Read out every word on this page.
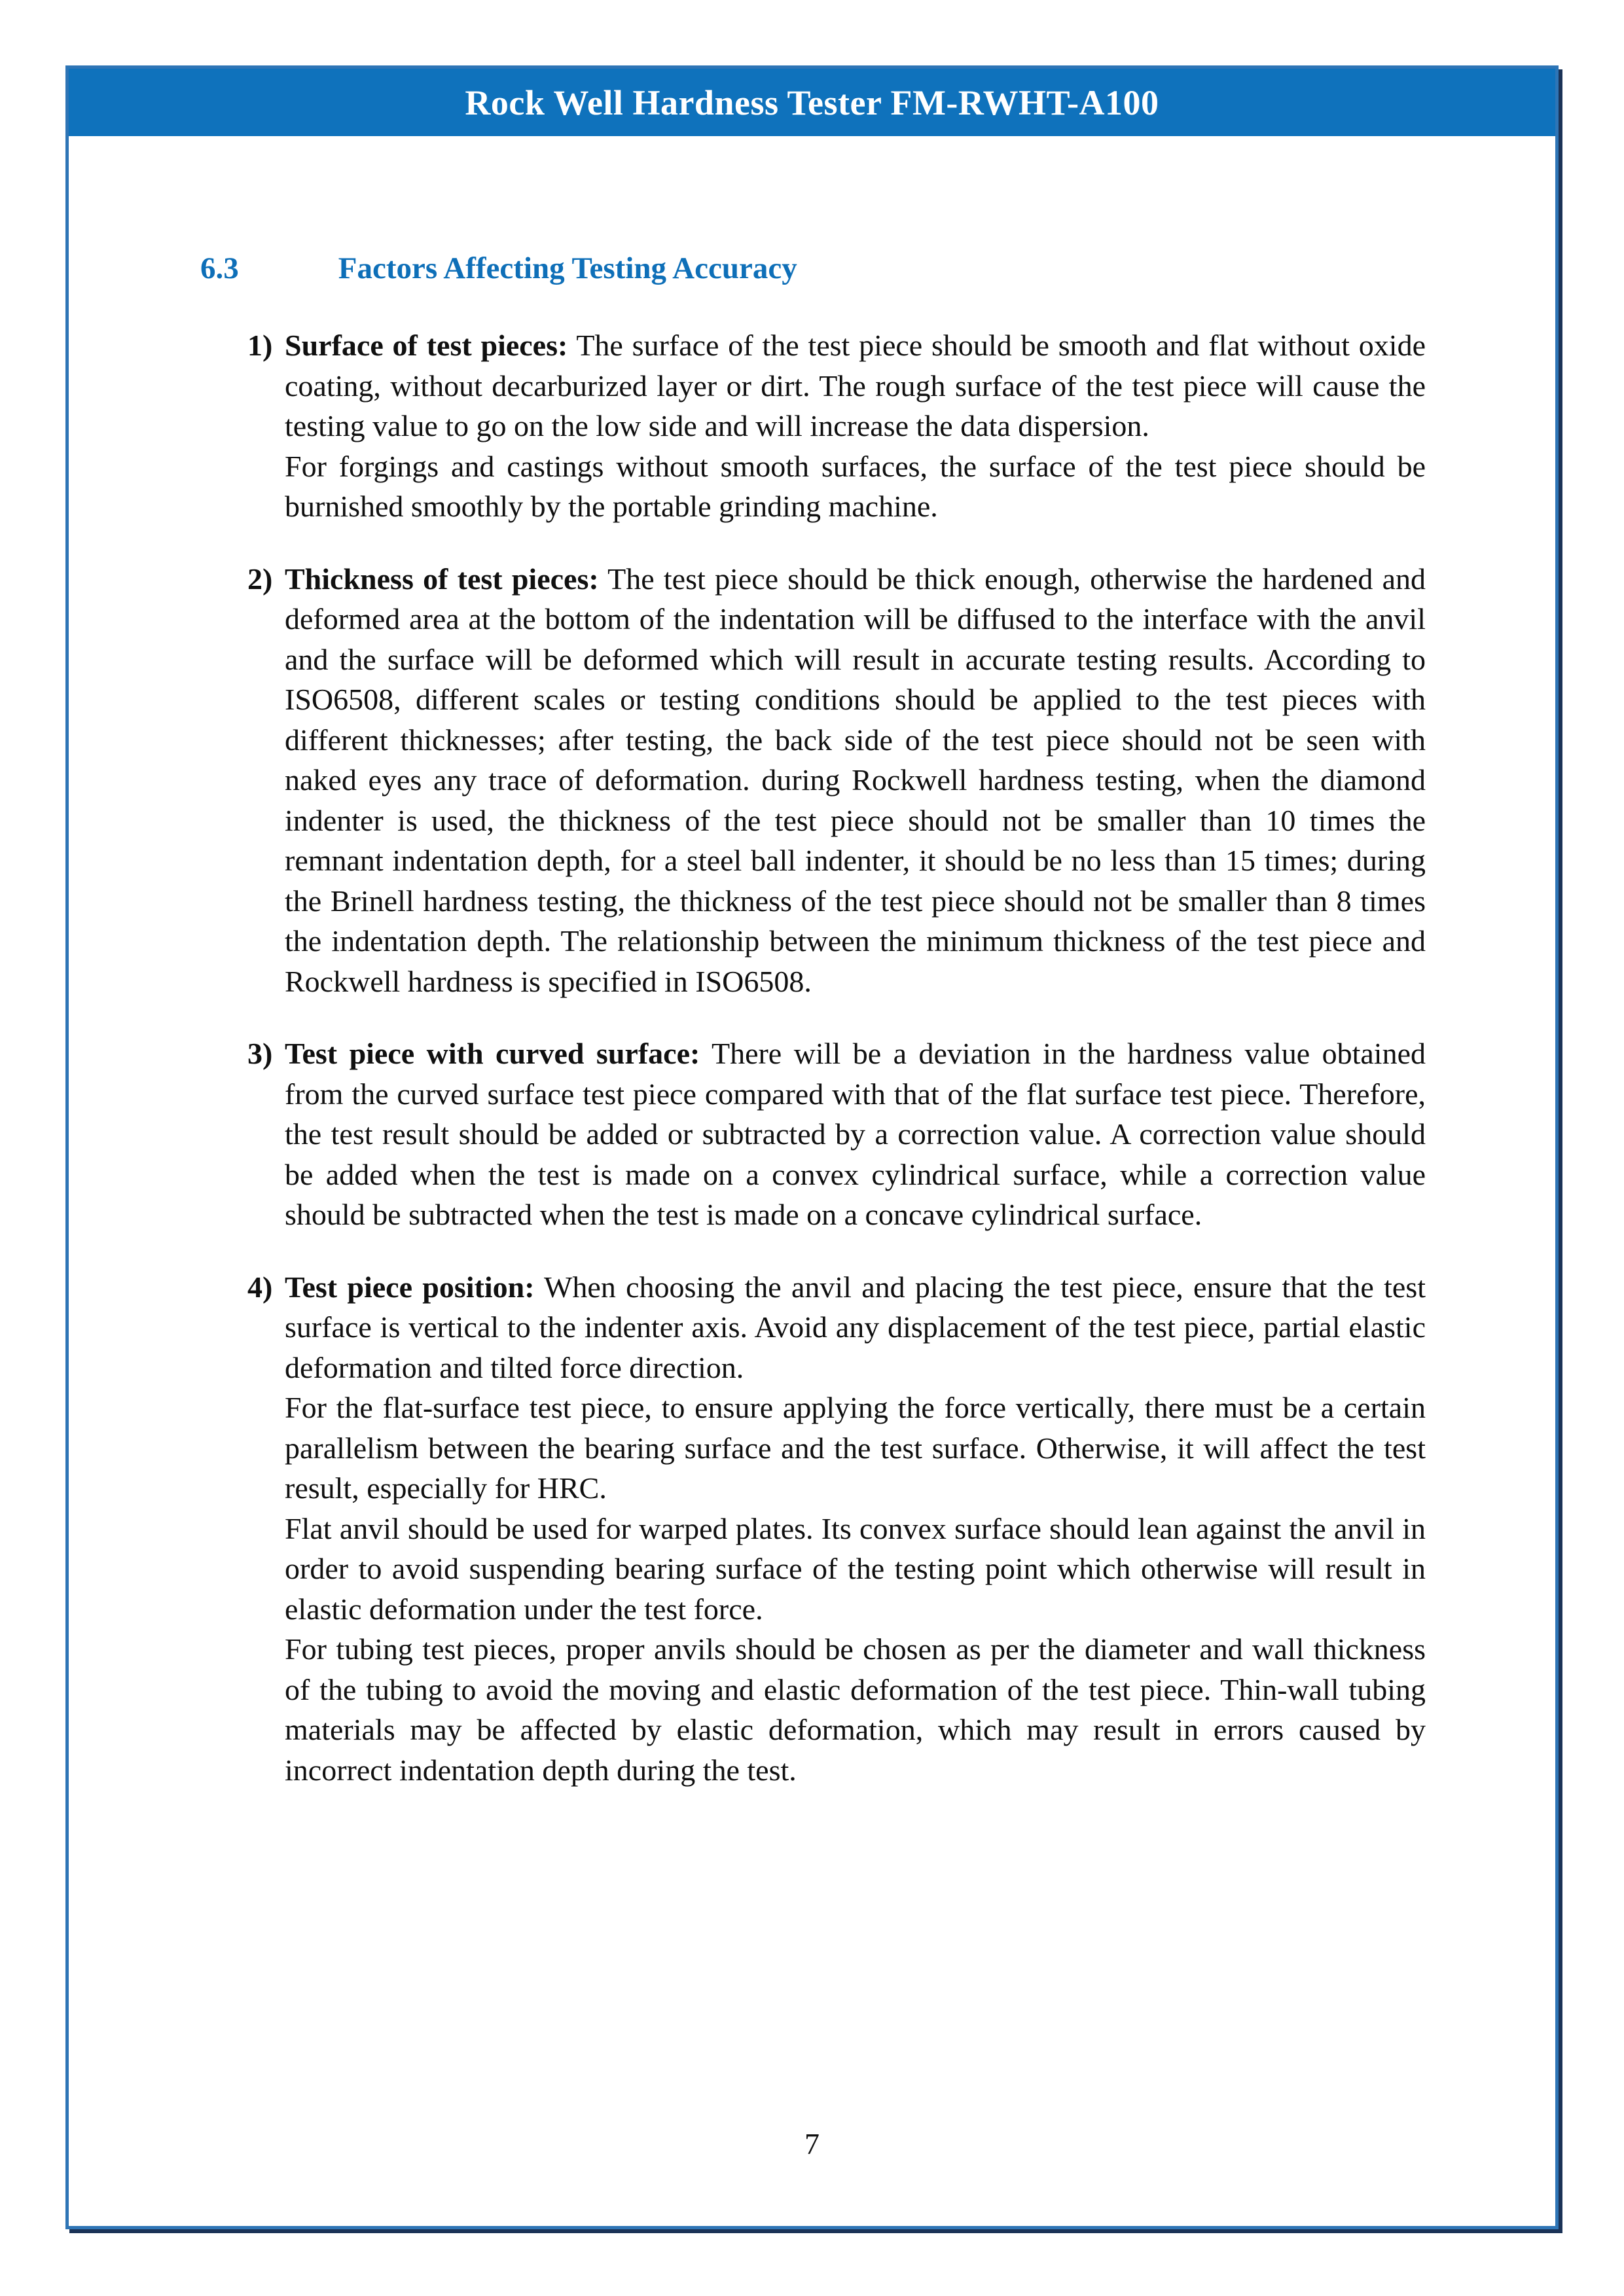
Rock Well Hardness Tester FM-RWHT-A100
6.3	Factors Affecting Testing Accuracy
1) Surface of test pieces: The surface of the test piece should be smooth and flat without oxide coating, without decarburized layer or dirt. The rough surface of the test piece will cause the testing value to go on the low side and will increase the data dispersion.
For forgings and castings without smooth surfaces, the surface of the test piece should be burnished smoothly by the portable grinding machine.
2) Thickness of test pieces: The test piece should be thick enough, otherwise the hardened and deformed area at the bottom of the indentation will be diffused to the interface with the anvil and the surface will be deformed which will result in accurate testing results. According to ISO6508, different scales or testing conditions should be applied to the test pieces with different thicknesses; after testing, the back side of the test piece should not be seen with naked eyes any trace of deformation. during Rockwell hardness testing, when the diamond indenter is used, the thickness of the test piece should not be smaller than 10 times the remnant indentation depth, for a steel ball indenter, it should be no less than 15 times; during the Brinell hardness testing, the thickness of the test piece should not be smaller than 8 times the indentation depth. The relationship between the minimum thickness of the test piece and Rockwell hardness is specified in ISO6508.
3) Test piece with curved surface: There will be a deviation in the hardness value obtained from the curved surface test piece compared with that of the flat surface test piece. Therefore, the test result should be added or subtracted by a correction value. A correction value should be added when the test is made on a convex cylindrical surface, while a correction value should be subtracted when the test is made on a concave cylindrical surface.
4) Test piece position: When choosing the anvil and placing the test piece, ensure that the test surface is vertical to the indenter axis. Avoid any displacement of the test piece, partial elastic deformation and tilted force direction.
For the flat-surface test piece, to ensure applying the force vertically, there must be a certain parallelism between the bearing surface and the test surface. Otherwise, it will affect the test result, especially for HRC.
Flat anvil should be used for warped plates. Its convex surface should lean against the anvil in order to avoid suspending bearing surface of the testing point which otherwise will result in elastic deformation under the test force.
For tubing test pieces, proper anvils should be chosen as per the diameter and wall thickness of the tubing to avoid the moving and elastic deformation of the test piece. Thin-wall tubing materials may be affected by elastic deformation, which may result in errors caused by incorrect indentation depth during the test.
7
